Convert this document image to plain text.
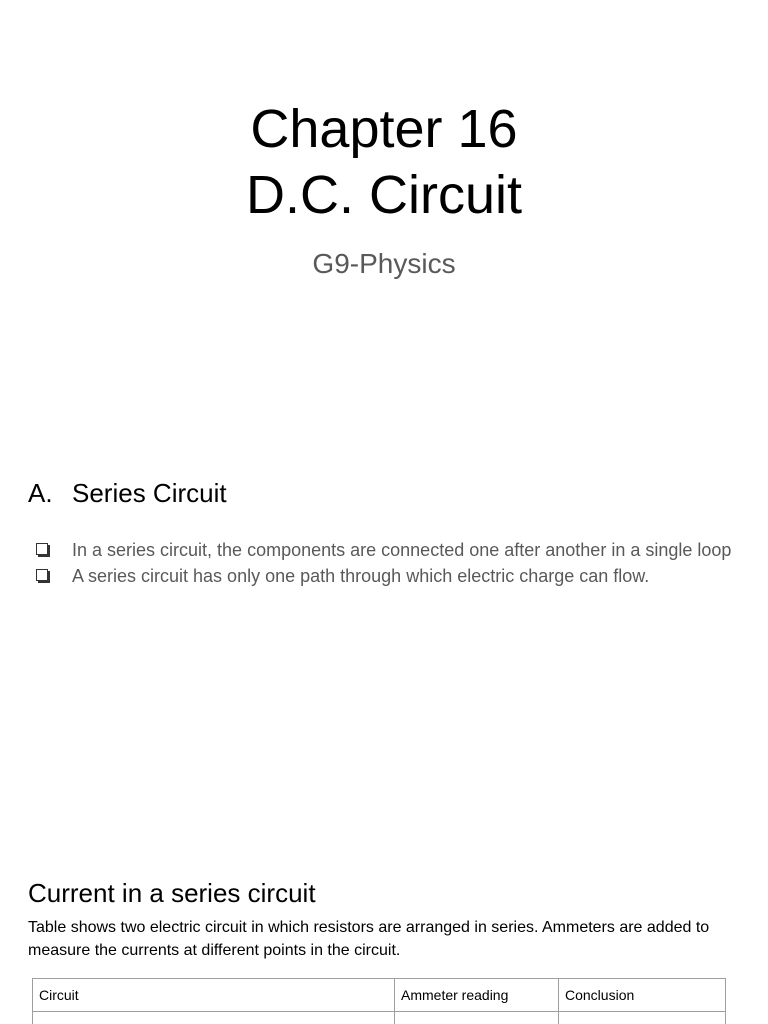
Chapter 16
D.C. Circuit
G9-Physics
A. Series Circuit
In a series circuit, the components are connected one after another in a single loop
A series circuit has only one path through which electric charge can flow.
Current in a series circuit
Table shows two electric circuit in which resistors are arranged in series. Ammeters are added to measure the currents at different points in the circuit.
Circuit	Ammeter reading	Conclusion
